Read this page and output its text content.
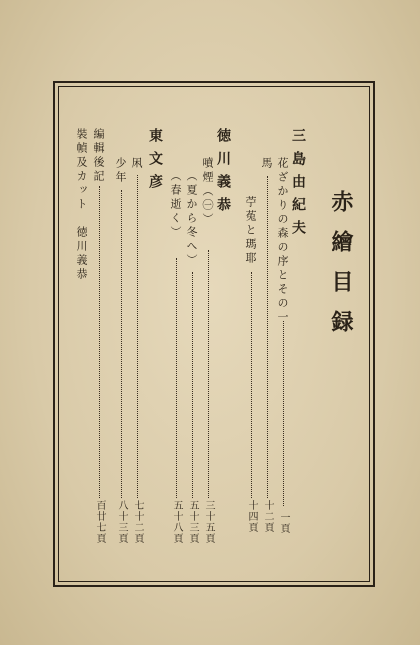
赤繪目録
三島由紀夫
花ざかりの森の序とその一
一頁
馬
十二頁
苧菟と瑪耶
十四頁
徳川義恭
噴煙（㊀）
三十五頁
（夏から冬へ）
五十三頁
（春逝く）
五十八頁
東文彦
凩
七十二頁
少年
八十三頁
編輯後記
百廿七頁
裝幀及カット　徳川義恭
